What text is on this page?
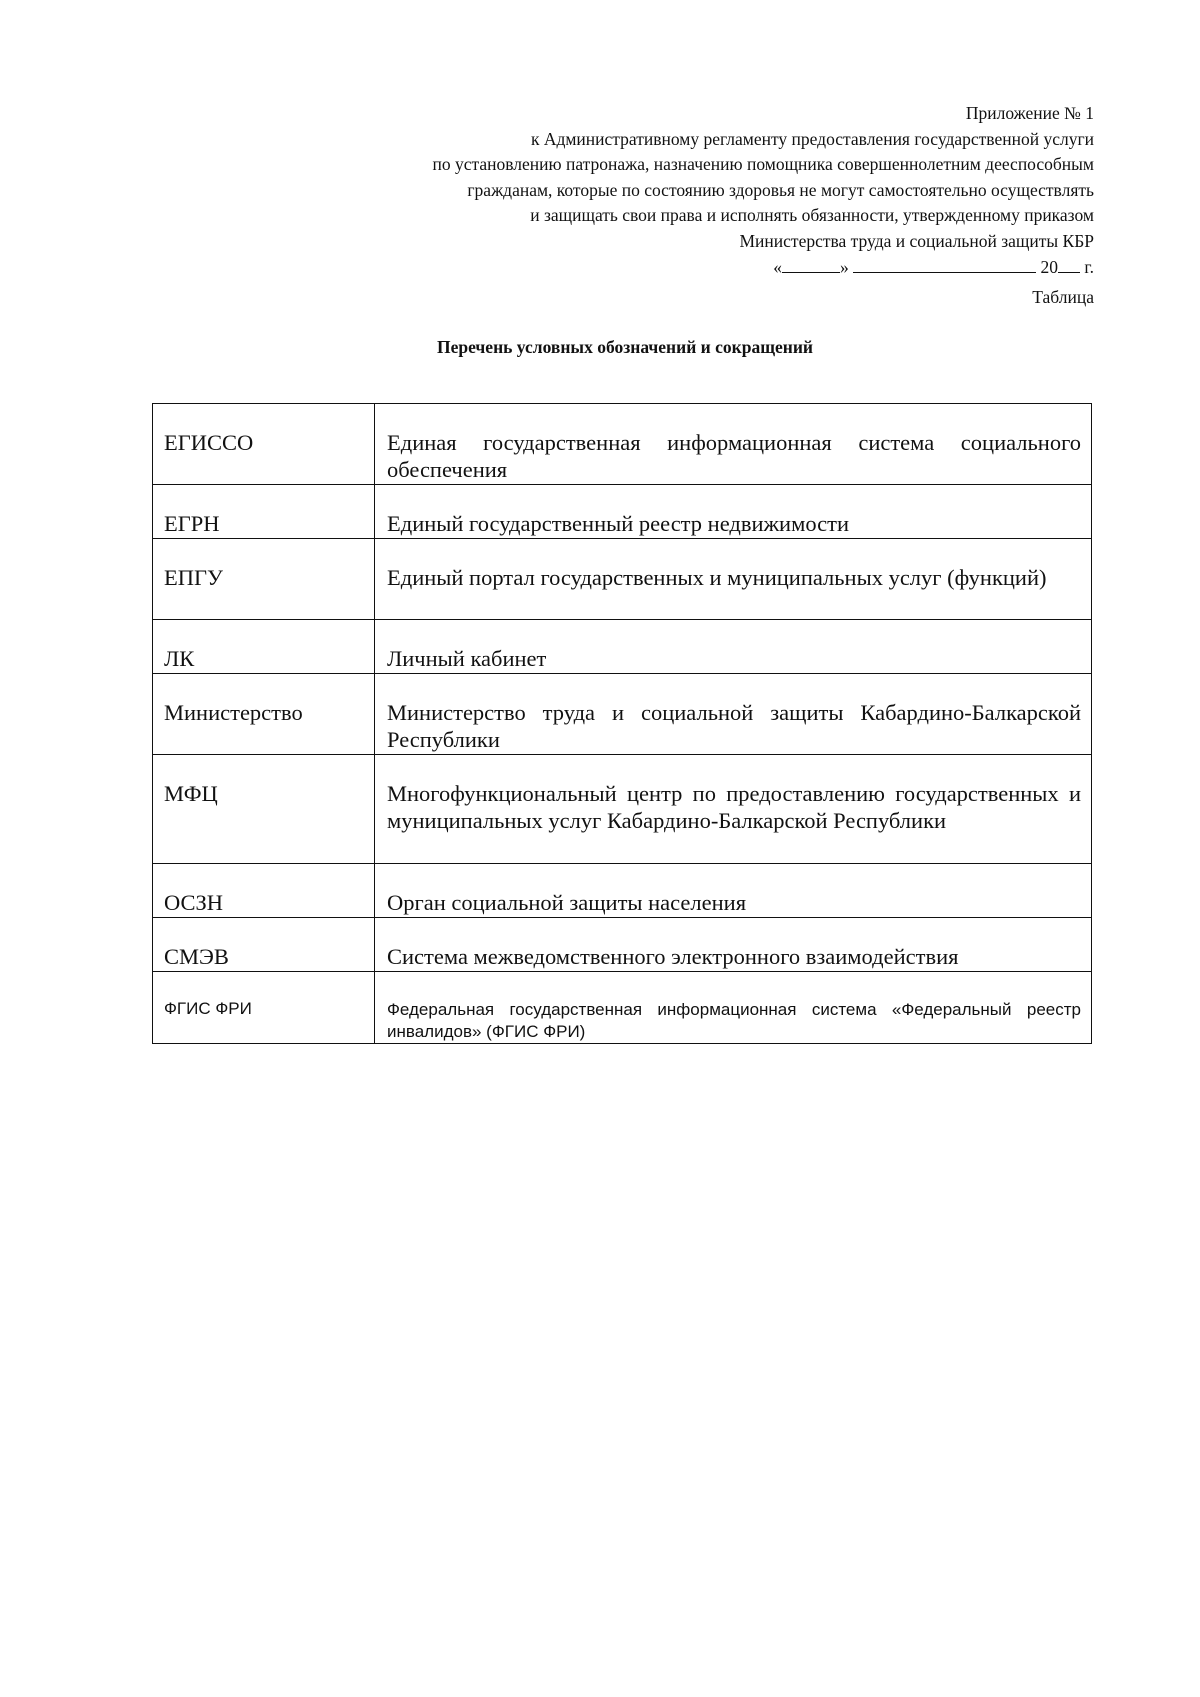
Приложение № 1
к Административному регламенту предоставления государственной услуги
по установлению патронажа, назначению помощника совершеннолетним дееспособным
гражданам, которые по состоянию здоровья не могут самостоятельно осуществлять
и защищать свои права и исполнять обязанности, утвержденному приказом
Министерства труда и социальной защиты КБР
«	»	20 г.
Таблица
Перечень условных обозначений и сокращений
ЕГИССО	Единая государственная информационная система социального обеспечения
ЕГРН	Единый государственный реестр недвижимости
ЕПГУ	Единый портал государственных и муниципальных услуг (функций)
ЛК	Личный кабинет
Министерство	Министерство труда и социальной защиты Кабардино-Балкарской Республики
МФЦ	Многофункциональный центр по предоставлению государственных и муниципальных услуг Кабардино-Балкарской Республики
ОСЗН	Орган социальной защиты населения
СМЭВ	Система межведомственного электронного взаимодействия
ФГИС ФРИ	Федеральная государственная информационная система «Федеральный реестр инвалидов» (ФГИС ФРИ)
